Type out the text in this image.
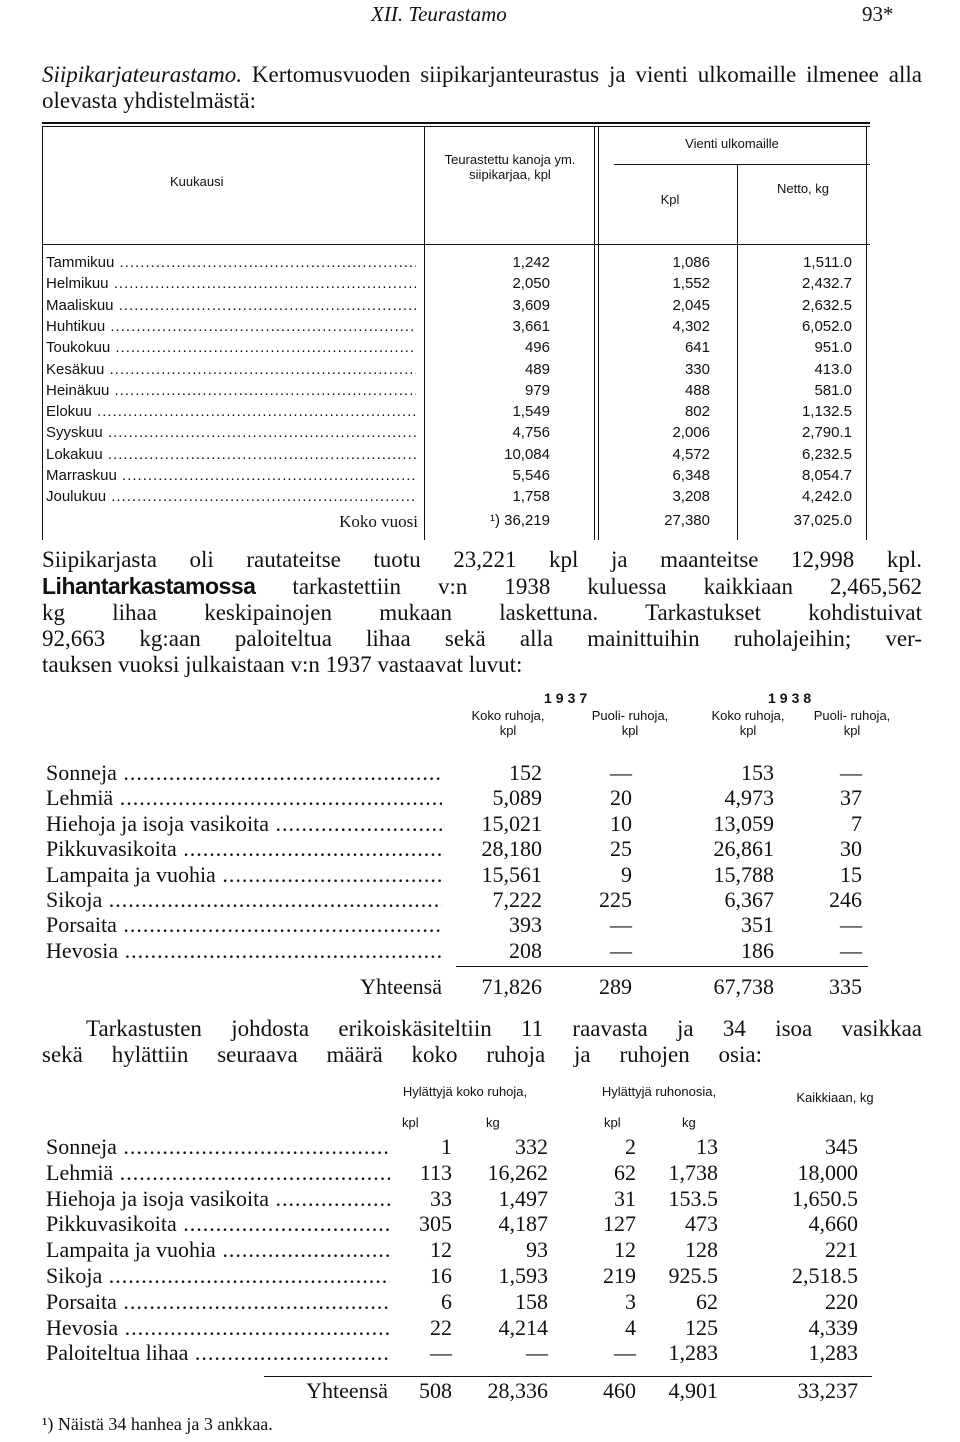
XII. Teurastamo	93*

Siipikarjateurastamo. Kertomusvuoden siipikarjanteurastus ja vienti ulkomaille ilmenee alla olevasta yhdistelmästä:

Kuukausi
Teurastettu kanoja ym. siipikarjaa, kpl
Vienti ulkomaille
Kpl
Netto, kg
Tammikuu .....	1,242	1,086	1,511.0
Helmikuu .....	2,050	1,552	2,432.7
Maaliskuu .....	3,609	2,045	2,632.5
Huhtikuu .....	3,661	4,302	6,052.0
Toukokuu .....	496	641	951.0
Kesäkuu .....	489	330	413.0
Heinäkuu .....	979	488	581.0
Elokuu .....	1,549	802	1,132.5
Syyskuu .....	4,756	2,006	2,790.1
Lokakuu .....	10,084	4,572	6,232.5
Marraskuu .....	5,546	6,348	8,054.7
Joulukuu .....	1,758	3,208	4,242.0
Koko vuosi	¹) 36,219	27,380	37,025.0

Siipikarjasta oli rautateitse tuotu 23,221 kpl ja maanteitse 12,998 kpl.

Lihantarkastamossa tarkastettiin v:n 1938 kuluessa kaikkiaan 2,465,562

kg lihaa keskipainojen mukaan laskettuna. Tarkastukset kohdistuivat

92,663 kg:aan paloiteltua lihaa sekä alla mainittuihin ruholajeihin; ver-

tauksen vuoksi julkaistaan v:n 1937 vastaavat luvut:

1937	1938
Koko ruhoja, kpl
Puoli- ruhoja, kpl
Koko ruhoja, kpl
Puoli- ruhoja, kpl
Sonneja .....	152	—	153	—
Lehmiä .....	5,089	20	4,973	37
Hiehoja ja isoja vasikoita .....	15,021	10	13,059	7
Pikkuvasikoita .....	28,180	25	26,861	30
Lampaita ja vuohia .....	15,561	9	15,788	15
Sikoja .....	7,222	225	6,367	246
Porsaita .....	393	—	351	—
Hevosia .....	208	—	186	—
Yhteensä	71,826	289	67,738	335

Tarkastusten johdosta erikoiskäsiteltiin 11 raavasta ja 34 isoa vasikkaa

sekä hylättiin seuraava määrä koko ruhoja ja ruhojen osia:

Hylättyjä koko ruhoja,	Hylättyjä ruhonosia,	Kaikkiaan, kg
kpl	kg	kpl	kg
Sonneja .....	1	332	2	13	345
Lehmiä .....	113	16,262	62	1,738	18,000
Hiehoja ja isoja vasikoita .....	33	1,497	31	153.5	1,650.5
Pikkuvasikoita .....	305	4,187	127	473	4,660
Lampaita ja vuohia .....	12	93	12	128	221
Sikoja .....	16	1,593	219	925.5	2,518.5
Porsaita .....	6	158	3	62	220
Hevosia .....	22	4,214	4	125	4,339
Paloiteltua lihaa .....	—	—	—	1,283	1,283
Yhteensä	508	28,336	460	4,901	33,237
¹) Näistä 34 hanhea ja 3 ankkaa.
